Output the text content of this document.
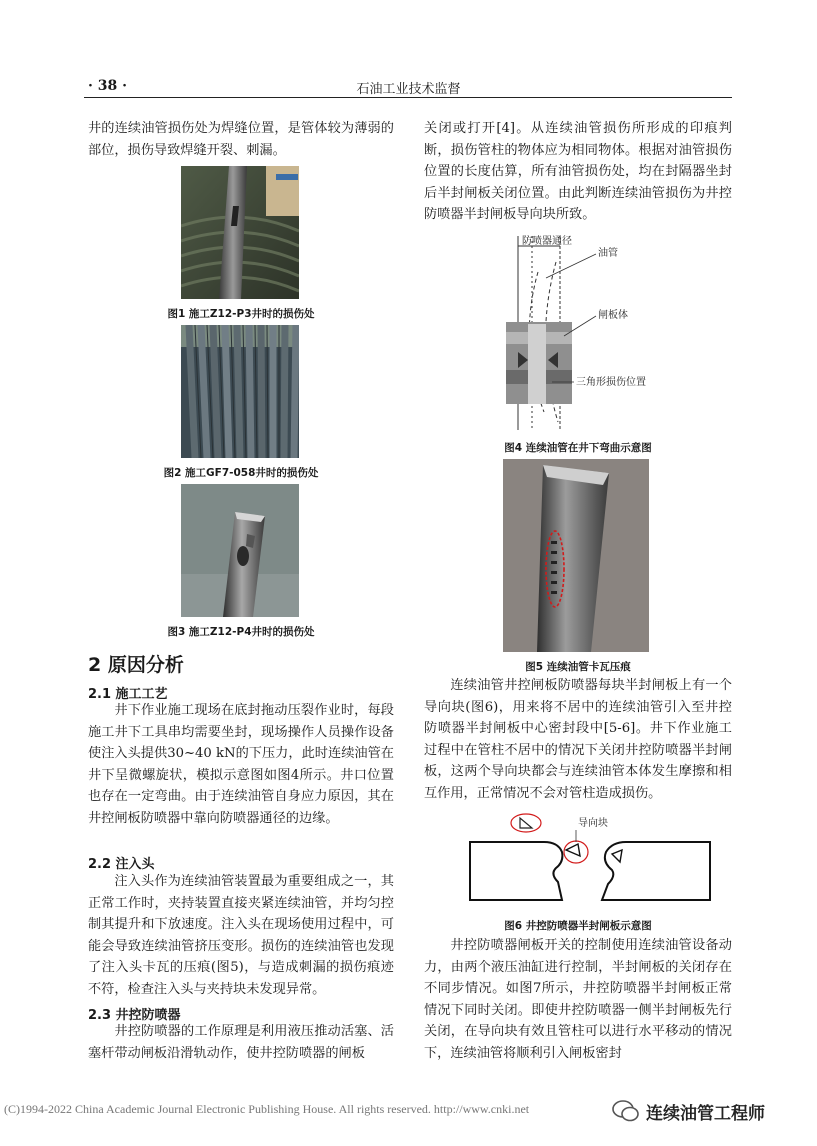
· 38 ·	石油工业技术监督

井的连续油管损伤处为焊缝位置，是管体较为薄弱的部位，损伤导致焊缝开裂、刺漏。

图1 施工Z12-P3井时的损伤处
图2 施工GF7-058井时的损伤处
图3 施工Z12-P4井时的损伤处
2 原因分析
2.1 施工工艺

井下作业施工现场在底封拖动压裂作业时，每段施工井下工具串均需要坐封，现场操作人员操作设备使注入头提供30~40 kN的下压力，此时连续油管在井下呈微螺旋状，模拟示意图如图4所示。井口位置也存在一定弯曲。由于连续油管自身应力原因，其在井控闸板防喷器中靠向防喷器通径的边缘。

2.2 注入头

注入头作为连续油管装置最为重要组成之一，其正常工作时，夹持装置直接夹紧连续油管，并均匀控制其提升和下放速度。注入头在现场使用过程中，可能会导致连续油管挤压变形。损伤的连续油管也发现了注入头卡瓦的压痕(图5)，与造成刺漏的损伤痕迹不符，检查注入头与夹持块未发现异常。

2.3 井控防喷器

井控防喷器的工作原理是利用液压推动活塞、活塞杆带动闸板沿滑轨动作，使井控防喷器的闸板

关闭或打开[4]。从连续油管损伤所形成的印痕判断，损伤管柱的物体应为相同物体。根据对油管损伤位置的长度估算，所有油管损伤处，均在封隔器坐封后半封闸板关闭位置。由此判断连续油管损伤为井控防喷器半封闸板导向块所致。

防喷器通径
油管
闸板体
三角形损伤位置
图4 连续油管在井下弯曲示意图
图5 连续油管卡瓦压痕

连续油管井控闸板防喷器每块半封闸板上有一个导向块(图6)，用来将不居中的连续油管引入至井控防喷器半封闸板中心密封段中[5-6]。井下作业施工过程中在管柱不居中的情况下关闭井控防喷器半封闸板，这两个导向块都会与连续油管本体发生摩擦和相互作用，正常情况不会对管柱造成损伤。

导向块
图6 井控防喷器半封闸板示意图

井控防喷器闸板开关的控制使用连续油管设备动力，由两个液压油缸进行控制，半封闸板的关闭存在不同步情况。如图7所示，井控防喷器半封闸板正常情况下同时关闭。即使井控防喷器一侧半封闸板先行关闭，在导向块有效且管柱可以进行水平移动的情况下，连续油管将顺利引入闸板密封

(C)1994-2022 China Academic Journal Electronic Publishing House. All rights reserved. http://www.cnki.net	连续油管工程师
